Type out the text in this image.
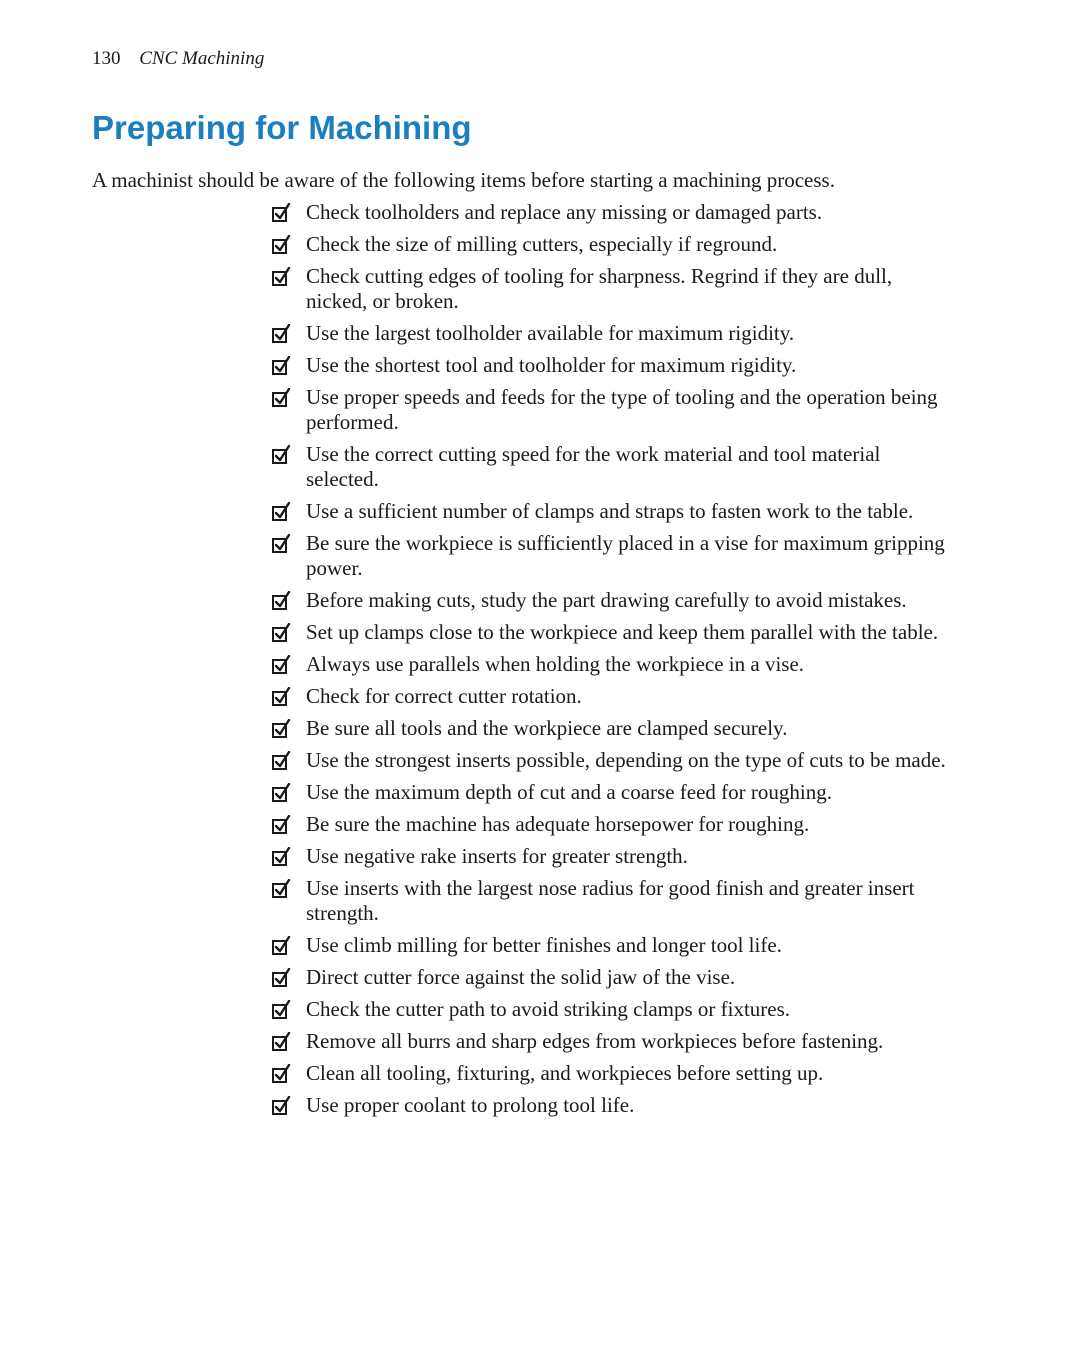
130 CNC Machining
Preparing for Machining

A machinist should be aware of the following items before starting a machining process.

Check toolholders and replace any missing or damaged parts.
Check the size of milling cutters, especially if reground.
Check cutting edges of tooling for sharpness. Regrind if they are dull, nicked, or broken.
Use the largest toolholder available for maximum rigidity.
Use the shortest tool and toolholder for maximum rigidity.
Use proper speeds and feeds for the type of tooling and the operation being performed.
Use the correct cutting speed for the work material and tool material selected.
Use a sufficient number of clamps and straps to fasten work to the table.
Be sure the workpiece is sufficiently placed in a vise for maximum gripping power.
Before making cuts, study the part drawing carefully to avoid mistakes.
Set up clamps close to the workpiece and keep them parallel with the table.
Always use parallels when holding the workpiece in a vise.
Check for correct cutter rotation.
Be sure all tools and the workpiece are clamped securely.
Use the strongest inserts possible, depending on the type of cuts to be made.
Use the maximum depth of cut and a coarse feed for roughing.
Be sure the machine has adequate horsepower for roughing.
Use negative rake inserts for greater strength.
Use inserts with the largest nose radius for good finish and greater insert strength.
Use climb milling for better finishes and longer tool life.
Direct cutter force against the solid jaw of the vise.
Check the cutter path to avoid striking clamps or fixtures.
Remove all burrs and sharp edges from workpieces before fastening.
Clean all tooling, fixturing, and workpieces before setting up.
Use proper coolant to prolong tool life.
